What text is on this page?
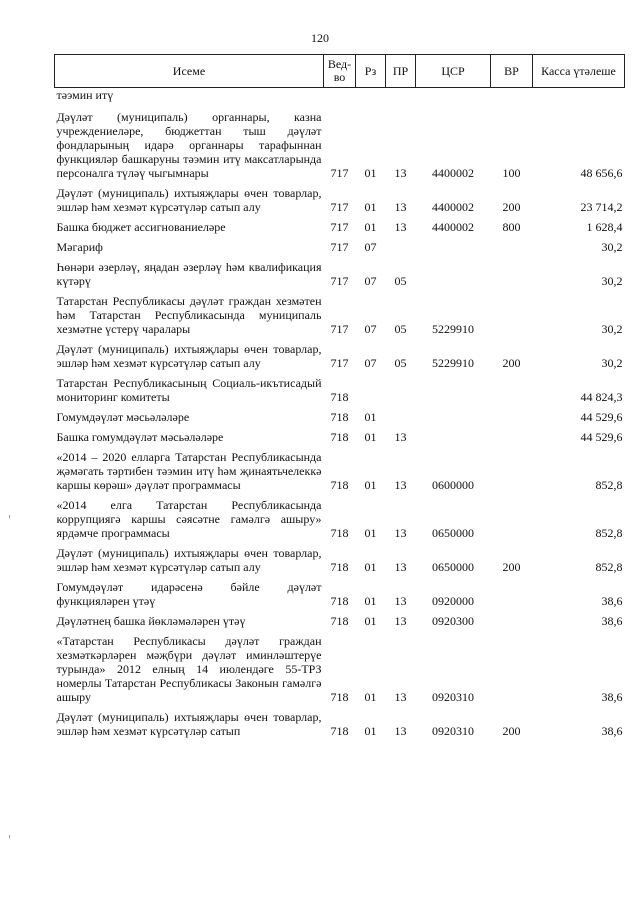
120
Исеме	Вед-во	Рз	ПР	ЦСР	ВР	Касса үтәлеше
тәэмин итү						
Дәүләт (муниципаль) органнары, казна учреждениеләре, бюджеттан тыш дәүләт фондларының идарә органнары тарафыннан функцияләр башкаруны тәэмин итү максатларында персоналга түләү чыгымнары	717	01	13	4400002	100	48 656,6
Дәүләт (муниципаль) ихтыяҗлары өчен товарлар, эшләр һәм хезмәт күрсәтүләр сатып алу	717	01	13	4400002	200	23 714,2
Башка бюджет ассигнованиеләре	717	01	13	4400002	800	1 628,4
Мәгариф	717	07				30,2
Һөнәри әзерләү, яңадан әзерләү һәм квалификация күтәрү	717	07	05			30,2
Татарстан Республикасы дәүләт граждан хезмәтен һәм Татарстан Республикасында муниципаль хезмәтне үстерү чаралары	717	07	05	5229910		30,2
Дәүләт (муниципаль) ихтыяҗлары өчен товарлар, эшләр һәм хезмәт күрсәтүләр сатып алу	717	07	05	5229910	200	30,2
Татарстан Республикасының Социаль-икътисадый мониторинг комитеты	718					44 824,3
Гомумдәүләт мәсьәләләре	718	01				44 529,6
Башка гомумдәүләт мәсьәләләре	718	01	13			44 529,6
«2014 – 2020 елларга Татарстан Республикасында җәмәгать тәртибен тәэмин итү һәм җинаятьчелеккә каршы көрәш» дәүләт программасы	718	01	13	0600000		852,8
«2014 елга Татарстан Республикасында коррупциягә каршы сәясәтне гамәлгә ашыру» ярдәмче программасы	718	01	13	0650000		852,8
Дәүләт (муниципаль) ихтыяҗлары өчен товарлар, эшләр һәм хезмәт күрсәтүләр сатып алу	718	01	13	0650000	200	852,8
Гомумдәүләт идарәсенә бәйле дәүләт функцияләрен үтәү	718	01	13	0920000		38,6
Дәүләтнең башка йөкләмәләрен үтәү	718	01	13	0920300		38,6
«Татарстан Республикасы дәүләт граждан хезмәткәрләрен мәҗбүри дәүләт иминләштерүе турында» 2012 елның 14 июлендәге 55-ТРЗ номерлы Татарстан Республикасы Законын гамәлгә ашыру	718	01	13	0920310		38,6
Дәүләт (муниципаль) ихтыяҗлары өчен товарлар, эшләр һәм хезмәт күрсәтүләр сатып	718	01	13	0920310	200	38,6
